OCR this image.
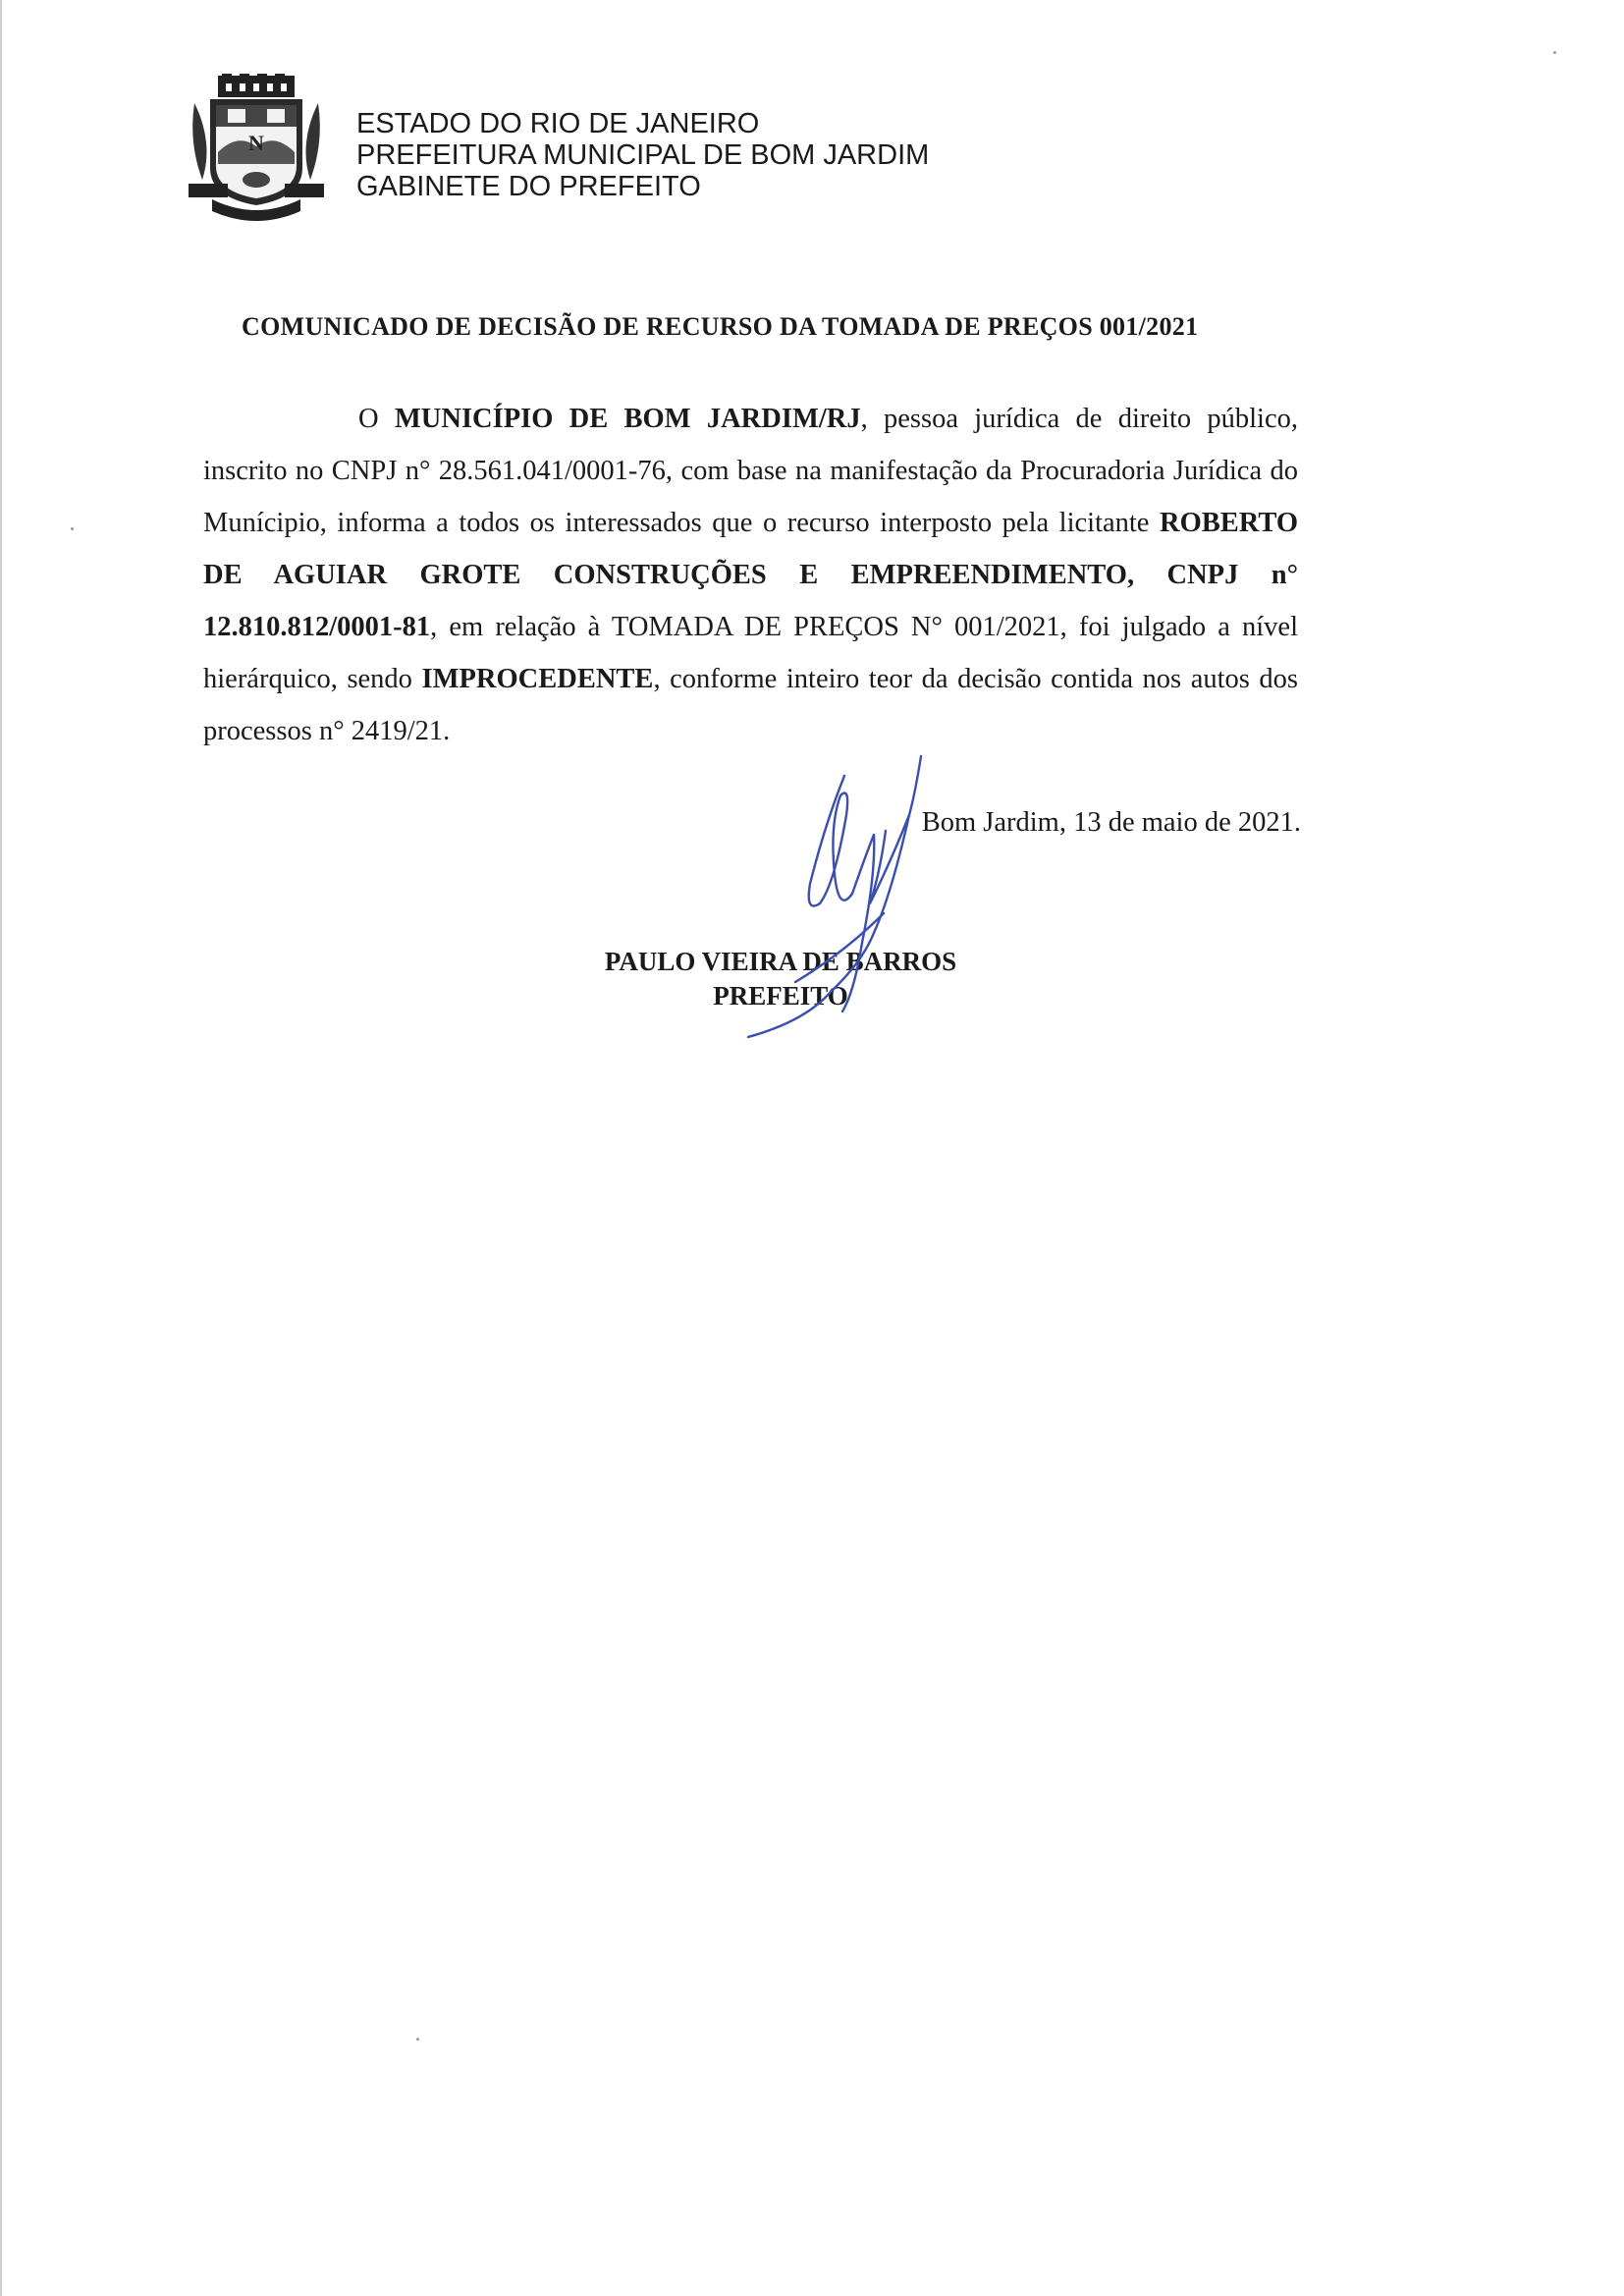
N
ESTADO DO RIO DE JANEIRO
PREFEITURA MUNICIPAL DE BOM JARDIM
GABINETE DO PREFEITO
COMUNICADO DE DECISÃO DE RECURSO DA TOMADA DE PREÇOS 001/2021
O MUNICÍPIO DE BOM JARDIM/RJ, pessoa jurídica de direito público, inscrito no CNPJ n° 28.561.041/0001-76, com base na manifestação da Procuradoria Jurídica do Munícipio, informa a todos os interessados que o recurso interposto pela licitante ROBERTO DE AGUIAR GROTE CONSTRUÇÕES E EMPREENDIMENTO, CNPJ n° 12.810.812/0001-81, em relação à TOMADA DE PREÇOS N° 001/2021, foi julgado a nível hierárquico, sendo IMPROCEDENTE, conforme inteiro teor da decisão contida nos autos dos processos n° 2419/21.
Bom Jardim, 13 de maio de 2021.
PAULO VIEIRA DE BARROS
PREFEITO
